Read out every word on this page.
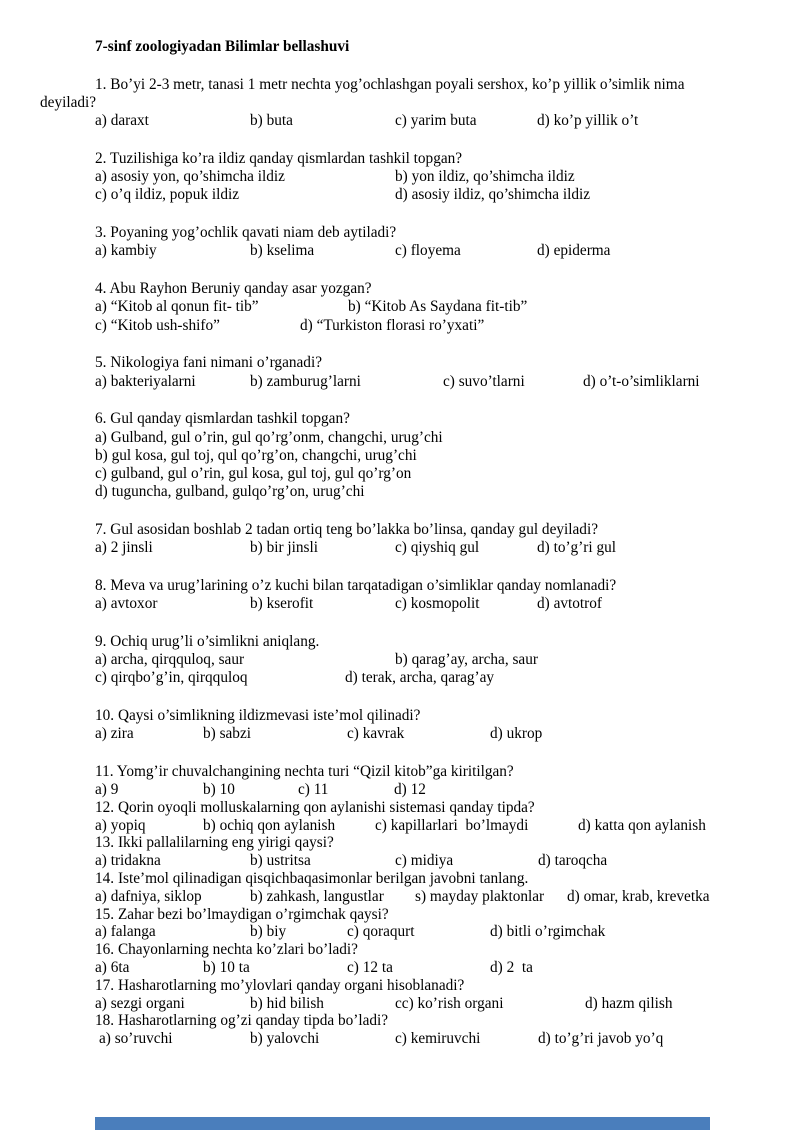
7-sinf zoologiyadan Bilimlar bellashuvi
1. Bo’yi 2-3 metr, tanasi 1 metr nechta yog’ochlashgan poyali sershox, ko’p yillik o’simlik nima
deyiladi?
a) daraxt	b) buta	c) yarim buta	d) ko’p yillik o’t
2. Tuzilishiga ko’ra ildiz qanday qismlardan tashkil topgan?
a) asosiy yon, qo’shimcha ildiz	b) yon ildiz, qo’shimcha ildiz
c) o’q ildiz, popuk ildiz	d) asosiy ildiz, qo’shimcha ildiz
3. Poyaning yog’ochlik qavati niam deb aytiladi?
a) kambiy	b) kselima	c) floyema	d) epiderma
4. Abu Rayhon Beruniy qanday asar yozgan?
a) “Kitob al qonun fit- tib”	b) “Kitob As Saydana fit-tib”
c) “Kitob ush-shifo”	d) “Turkiston florasi ro’yxati”
5. Nikologiya fani nimani o’rganadi?
a) bakteriyalarni	b) zamburug’larni	c) suvo’tlarni	d) o’t-o’simliklarni
6. Gul qanday qismlardan tashkil topgan?
a) Gulband, gul o’rin, gul qo’rg’onm, changchi, urug’chi
b) gul kosa, gul toj, qul qo’rg’on, changchi, urug’chi
c) gulband, gul o’rin, gul kosa, gul toj, gul qo’rg’on
d) tuguncha, gulband, gulqo’rg’on, urug’chi
7. Gul asosidan boshlab 2 tadan ortiq teng bo’lakka bo’linsa, qanday gul deyiladi?
a) 2 jinsli	b) bir jinsli	c) qiyshiq gul	d) to’g’ri gul
8. Meva va urug’larining o’z kuchi bilan tarqatadigan o’simliklar qanday nomlanadi?
a) avtoxor	b) kserofit	c) kosmopolit	d) avtotrof
9. Ochiq urug’li o’simlikni aniqlang.
a) archa, qirqquloq, saur	b) qarag’ay, archa, saur
c) qirqbo’g’in, qirqquloq	d) terak, archa, qarag’ay
10. Qaysi o’simlikning ildizmevasi iste’mol qilinadi?
a) zira	b) sabzi	c) kavrak	d) ukrop
11. Yomg’ir chuvalchangining nechta turi “Qizil kitob”ga kiritilgan?
a) 9	b) 10	c) 11	d) 12
12. Qorin oyoqli molluskalarning qon aylanishi sistemasi qanday tipda?
a) yopiq	b) ochiq qon aylanish	c) kapillarlari  bo’lmaydi	d) katta qon aylanish
13. Ikki pallalilarning eng yirigi qaysi?
a) tridakna	b) ustritsa	c) midiya	d) taroqcha
14. Iste’mol qilinadigan qisqichbaqasimonlar berilgan javobni tanlang.
a) dafniya, siklop	b) zahkash, langustlar s) mayday plaktonlar d) omar, krab, krevetka
15. Zahar bezi bo’lmaydigan o’rgimchak qaysi?
a) falanga	b) biy	c) qoraqurt	d) bitli o’rgimchak
16. Chayonlarning nechta ko’zlari bo’ladi?
a) 6ta	b) 10 ta	c) 12 ta	d) 2  ta
17. Hasharotlarning mo’ylovlari qanday organi hisoblanadi?
a) sezgi organi	b) hid bilish	cc) ko’rish organi	d) hazm qilish
18. Hasharotlarning og’zi qanday tipda bo’ladi?
a) so’ruvchi	b) yalovchi	c) kemiruvchi	d) to’g’ri javob yo’q
